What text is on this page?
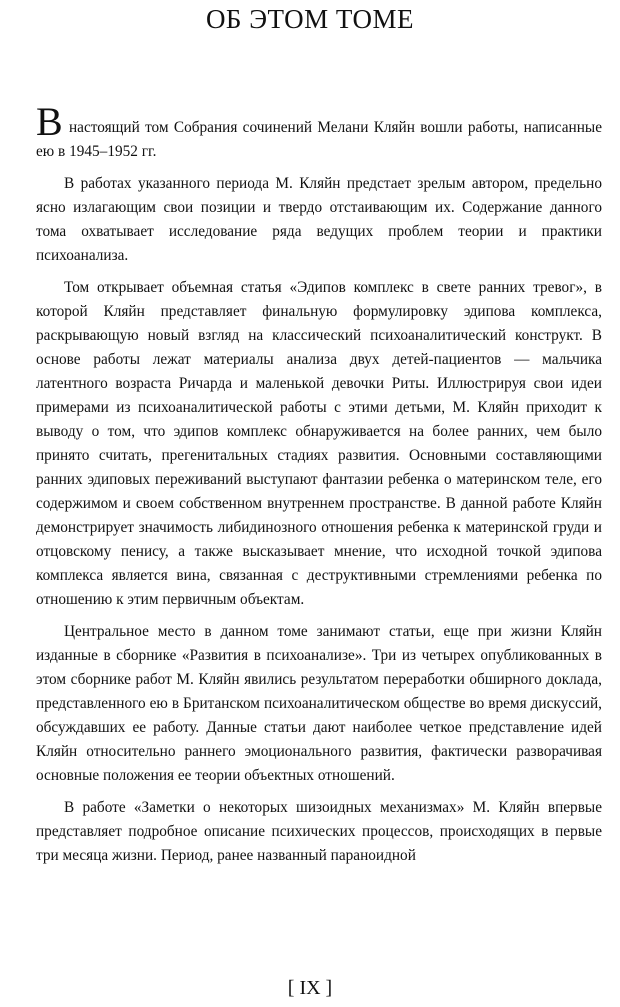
ОБ ЭТОМ ТОМЕ

В настоящий том Собрания сочинений Мелани Кляйн вошли работы, написанные ею в 1945–1952 гг.

В работах указанного периода М. Кляйн предстает зрелым автором, предельно ясно излагающим свои позиции и твердо отстаивающим их. Содержание данного тома охватывает исследование ряда ведущих проблем теории и практики психоанализа.

Том открывает объемная статья «Эдипов комплекс в свете ранних тревог», в которой Кляйн представляет финальную формулировку эдипова комплекса, раскрывающую новый взгляд на классический психоаналитический конструкт. В основе работы лежат материалы анализа двух детей-пациентов — мальчика латентного возраста Ричарда и маленькой девочки Риты. Иллюстрируя свои идеи примерами из психоаналитической работы с этими детьми, М. Кляйн приходит к выводу о том, что эдипов комплекс обнаруживается на более ранних, чем было принято считать, прегенитальных стадиях развития. Основными составляющими ранних эдиповых переживаний выступают фантазии ребенка о материнском теле, его содержимом и своем собственном внутреннем пространстве. В данной работе Кляйн демонстрирует значимость либидинозного отношения ребенка к материнской груди и отцовскому пенису, а также высказывает мнение, что исходной точкой эдипова комплекса является вина, связанная с деструктивными стремлениями ребенка по отношению к этим первичным объектам.

Центральное место в данном томе занимают статьи, еще при жизни Кляйн изданные в сборнике «Развития в психоанализе». Три из четырех опубликованных в этом сборнике работ М. Кляйн явились результатом переработки обширного доклада, представленного ею в Британском психоаналитическом обществе во время дискуссий, обсуждавших ее работу. Данные статьи дают наиболее четкое представление идей Кляйн относительно раннего эмоционального развития, фактически разворачивая основные положения ее теории объектных отношений.

В работе «Заметки о некоторых шизоидных механизмах» М. Кляйн впервые представляет подробное описание психических процессов, происходящих в первые три месяца жизни. Период, ранее названный параноидной

[ IX ]
